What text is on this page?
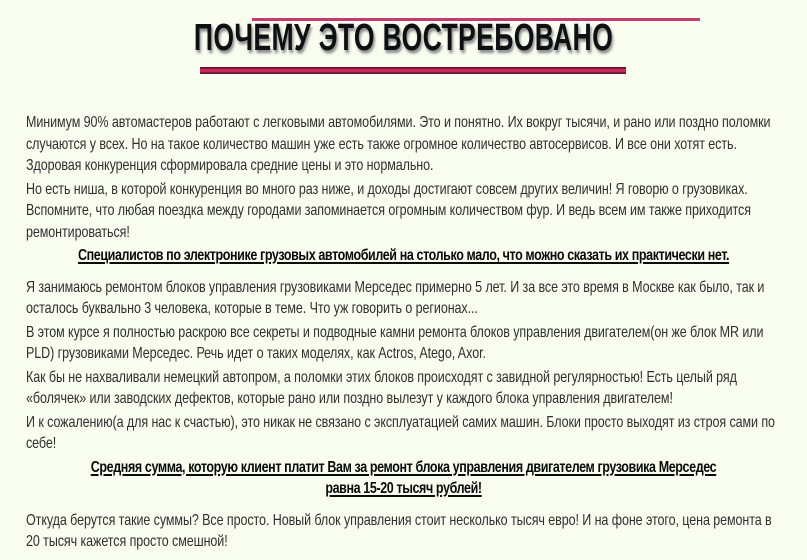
ПОЧЕМУ ЭТО ВОСТРЕБОВАНО

Минимум 90% автомастеров работают с легковыми автомобилями. Это и понятно. Их вокруг тысячи, и рано или поздно поломки случаются у всех. Но на такое количество машин уже есть также огромное количество автосервисов. И все они хотят есть. Здоровая конкуренция сформировала средние цены и это нормально.

Но есть ниша, в которой конкуренция во много раз ниже, и доходы достигают совсем других величин! Я говорю о грузовиках. Вспомните, что любая поездка между городами запоминается огромным количеством фур. И ведь всем им также приходится ремонтироваться!

Специалистов по электронике грузовых автомобилей на столько мало, что можно сказать их практически нет.

Я занимаюсь ремонтом блоков управления грузовиками Мерседес примерно 5 лет. И за все это время в Москве как было, так и осталось буквально 3 человека, которые в теме. Что уж говорить о регионах...

В этом курсе я полностью раскрою все секреты и подводные камни ремонта блоков управления двигателем(он же блок MR или PLD) грузовиками Мерседес. Речь идет о таких моделях, как Actros, Atego, Axor.

Как бы не нахваливали немецкий автопром, а поломки этих блоков происходят с завидной регулярностью! Есть целый ряд «болячек» или заводских дефектов, которые рано или поздно вылезут у каждого блока управления двигателем!

И к сожалению(а для нас к счастью), это никак не связано с эксплуатацией самих машин. Блоки просто выходят из строя сами по себе!

Средняя сумма, которую клиент платит Вам за ремонт блока управления двигателем грузовика Мерседес
равна 15-20 тысяч рублей!

Откуда берутся такие суммы? Все просто. Новый блок управления стоит несколько тысяч евро! И на фоне этого, цена ремонта в 20 тысяч кажется просто смешной!
